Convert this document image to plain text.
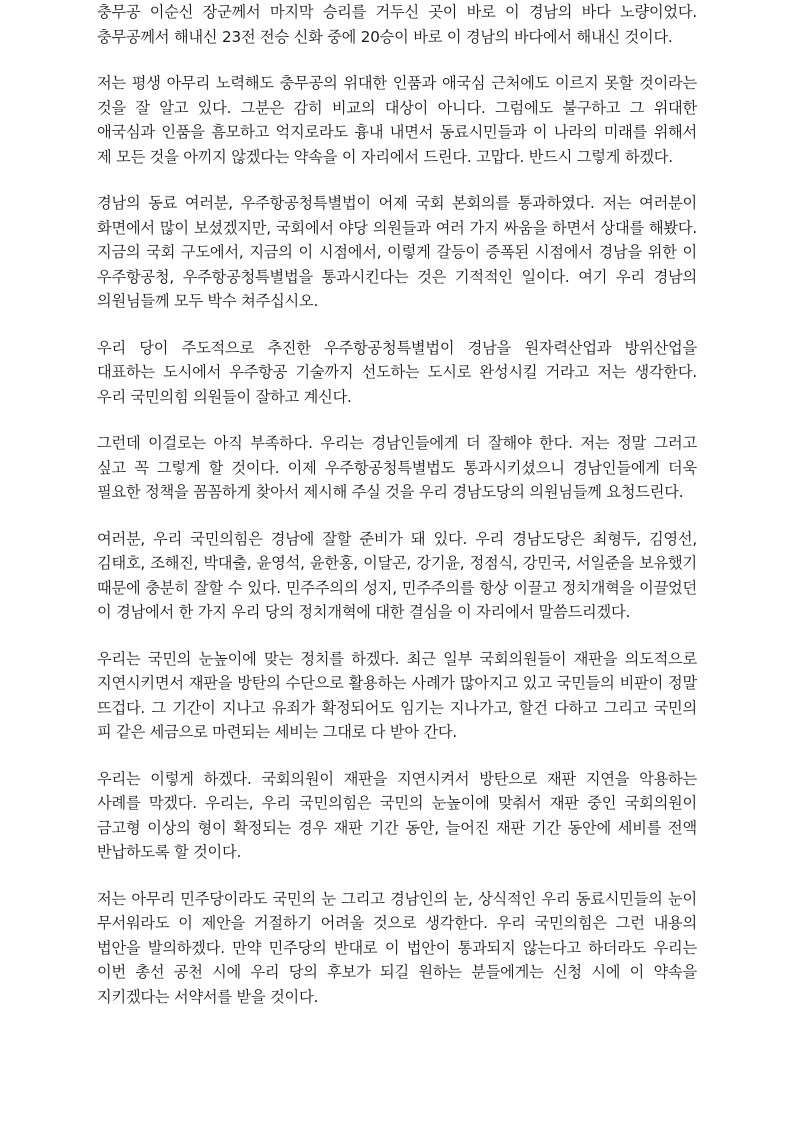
충무공 이순신 장군께서 마지막 승리를 거두신 곳이 바로 이 경남의 바다 노량이었다. 충무공께서 해내신 23전 전승 신화 중에 20승이 바로 이 경남의 바다에서 해내신 것이다.

저는 평생 아무리 노력해도 충무공의 위대한 인품과 애국심 근처에도 이르지 못할 것이라는 것을 잘 알고 있다. 그분은 감히 비교의 대상이 아니다. 그럼에도 불구하고 그 위대한 애국심과 인품을 흠모하고 억지로라도 흉내 내면서 동료시민들과 이 나라의 미래를 위해서 제 모든 것을 아끼지 않겠다는 약속을 이 자리에서 드린다. 고맙다. 반드시 그렇게 하겠다.

경남의 동료 여러분, 우주항공청특별법이 어제 국회 본회의를 통과하였다. 저는 여러분이 화면에서 많이 보셨겠지만, 국회에서 야당 의원들과 여러 가지 싸움을 하면서 상대를 해봤다. 지금의 국회 구도에서, 지금의 이 시점에서, 이렇게 갈등이 증폭된 시점에서 경남을 위한 이 우주항공청, 우주항공청특별법을 통과시킨다는 것은 기적적인 일이다. 여기 우리 경남의 의원님들께 모두 박수 쳐주십시오.

우리 당이 주도적으로 추진한 우주항공청특별법이 경남을 원자력산업과 방위산업을 대표하는 도시에서 우주항공 기술까지 선도하는 도시로 완성시킬 거라고 저는 생각한다. 우리 국민의힘 의원들이 잘하고 계신다.

그런데 이걸로는 아직 부족하다. 우리는 경남인들에게 더 잘해야 한다. 저는 정말 그러고 싶고 꼭 그렇게 할 것이다. 이제 우주항공청특별법도 통과시키셨으니 경남인들에게 더욱 필요한 정책을 꼼꼼하게 찾아서 제시해 주실 것을 우리 경남도당의 의원님들께 요청드린다.

여러분, 우리 국민의힘은 경남에 잘할 준비가 돼 있다. 우리 경남도당은 최형두, 김영선, 김태호, 조해진, 박대출, 윤영석, 윤한홍, 이달곤, 강기윤, 정점식, 강민국, 서일준을 보유했기 때문에 충분히 잘할 수 있다. 민주주의의 성지, 민주주의를 항상 이끌고 정치개혁을 이끌었던 이 경남에서 한 가지 우리 당의 정치개혁에 대한 결심을 이 자리에서 말씀드리겠다.

우리는 국민의 눈높이에 맞는 정치를 하겠다. 최근 일부 국회의원들이 재판을 의도적으로 지연시키면서 재판을 방탄의 수단으로 활용하는 사례가 많아지고 있고 국민들의 비판이 정말 뜨겁다. 그 기간이 지나고 유죄가 확정되어도 임기는 지나가고, 할건 다하고 그리고 국민의 피 같은 세금으로 마련되는 세비는 그대로 다 받아 간다.

우리는 이렇게 하겠다. 국회의원이 재판을 지연시켜서 방탄으로 재판 지연을 악용하는 사례를 막겠다. 우리는, 우리 국민의힘은 국민의 눈높이에 맞춰서 재판 중인 국회의원이 금고형 이상의 형이 확정되는 경우 재판 기간 동안, 늘어진 재판 기간 동안에 세비를 전액 반납하도록 할 것이다.

저는 아무리 민주당이라도 국민의 눈 그리고 경남인의 눈, 상식적인 우리 동료시민들의 눈이 무서워라도 이 제안을 거절하기 어려울 것으로 생각한다. 우리 국민의힘은 그런 내용의 법안을 발의하겠다. 만약 민주당의 반대로 이 법안이 통과되지 않는다고 하더라도 우리는 이번 총선 공천 시에 우리 당의 후보가 되길 원하는 분들에게는 신청 시에 이 약속을 지키겠다는 서약서를 받을 것이다.
